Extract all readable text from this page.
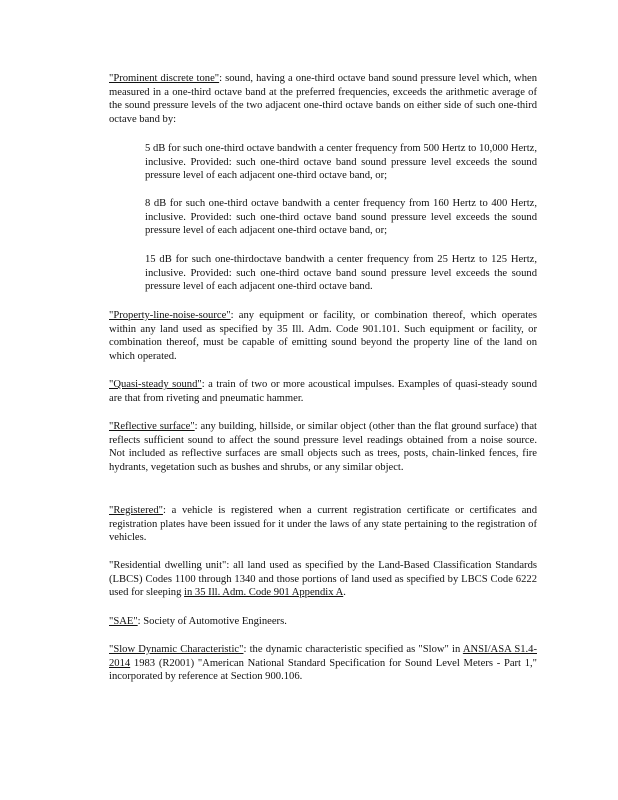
"Prominent discrete tone": sound, having a one-third octave band sound pressure level which, when measured in a one-third octave band at the preferred frequencies, exceeds the arithmetic average of the sound pressure levels of the two adjacent one-third octave bands on either side of such one-third octave band by:

5 dB for such one-third octave bandwith a center frequency from 500 Hertz to 10,000 Hertz, inclusive. Provided: such one-third octave band sound pressure level exceeds the sound pressure level of each adjacent one-third octave band, or;

8 dB for such one-third octave bandwith a center frequency from 160 Hertz to 400 Hertz, inclusive. Provided: such one-third octave band sound pressure level exceeds the sound pressure level of each adjacent one-third octave band, or;

15 dB for such one-thirdoctave bandwith a center frequency from 25 Hertz to 125 Hertz, inclusive. Provided: such one-third octave band sound pressure level exceeds the sound pressure level of each adjacent one-third octave band.

"Property-line-noise-source": any equipment or facility, or combination thereof, which operates within any land used as specified by 35 Ill. Adm. Code 901.101. Such equipment or facility, or combination thereof, must be capable of emitting sound beyond the property line of the land on which operated.

"Quasi-steady sound": a train of two or more acoustical impulses. Examples of quasi-steady sound are that from riveting and pneumatic hammer.

"Reflective surface": any building, hillside, or similar object (other than the flat ground surface) that reflects sufficient sound to affect the sound pressure level readings obtained from a noise source. Not included as reflective surfaces are small objects such as trees, posts, chain-linked fences, fire hydrants, vegetation such as bushes and shrubs, or any similar object.

"Registered": a vehicle is registered when a current registration certificate or certificates and registration plates have been issued for it under the laws of any state pertaining to the registration of vehicles.

"Residential dwelling unit": all land used as specified by the Land-Based Classification Standards (LBCS) Codes 1100 through 1340 and those portions of land used as specified by LBCS Code 6222 used for sleeping in 35 Ill. Adm. Code 901 Appendix A.

"SAE": Society of Automotive Engineers.

"Slow Dynamic Characteristic": the dynamic characteristic specified as "Slow" in ANSI/ASA S1.4-2014 1983 (R2001) "American National Standard Specification for Sound Level Meters - Part 1," incorporated by reference at Section 900.106.
